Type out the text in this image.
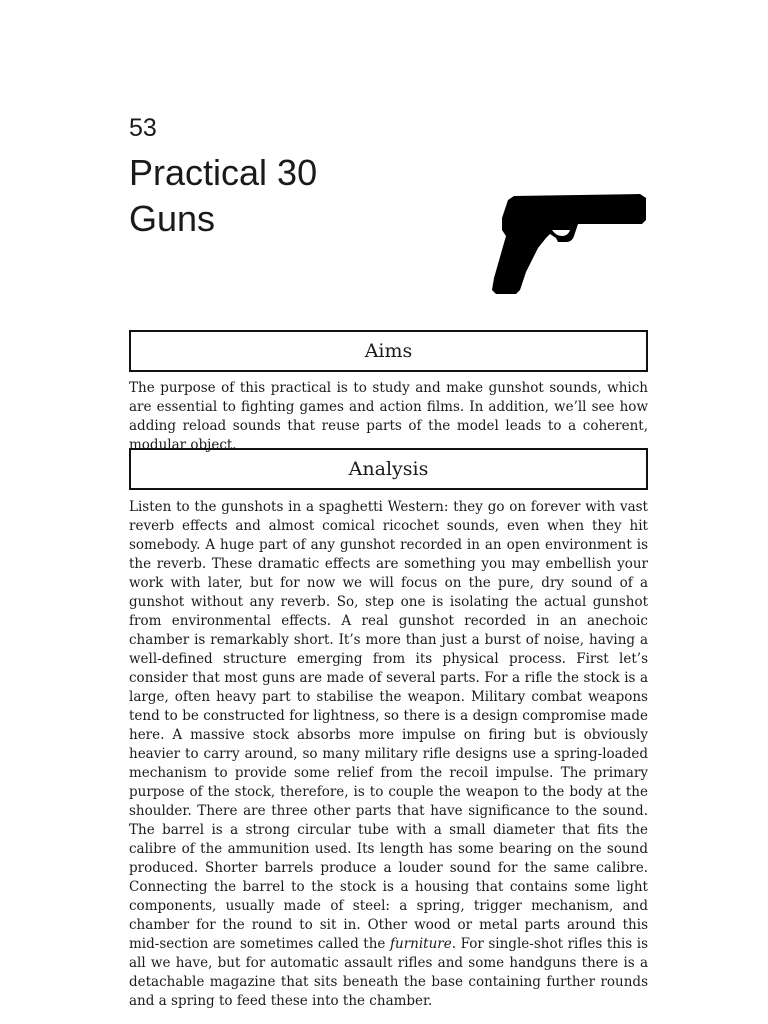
53
Practical 30
Guns
Aims

The purpose of this practical is to study and make gunshot sounds, which are essential to fighting games and action films. In addition, we’ll see how adding reload sounds that reuse parts of the model leads to a coherent, modular object.

Analysis

Listen to the gunshots in a spaghetti Western: they go on forever with vast reverb effects and almost comical ricochet sounds, even when they hit somebody. A huge part of any gunshot recorded in an open environment is the reverb. These dramatic effects are something you may embellish your work with later, but for now we will focus on the pure, dry sound of a gunshot without any reverb. So, step one is isolating the actual gunshot from environmental effects. A real gunshot recorded in an anechoic chamber is remarkably short. It’s more than just a burst of noise, having a well-defined structure emerging from its physical process. First let’s consider that most guns are made of several parts. For a rifle the stock is a large, often heavy part to stabilise the weapon. Military combat weapons tend to be constructed for lightness, so there is a design compromise made here. A massive stock absorbs more impulse on firing but is obviously heavier to carry around, so many military rifle designs use a spring-loaded mechanism to provide some relief from the recoil impulse. The primary purpose of the stock, therefore, is to couple the weapon to the body at the shoulder. There are three other parts that have significance to the sound. The barrel is a strong circular tube with a small diameter that fits the calibre of the ammunition used. Its length has some bearing on the sound produced. Shorter barrels produce a louder sound for the same calibre. Connecting the barrel to the stock is a housing that contains some light components, usually made of steel: a spring, trigger mechanism, and chamber for the round to sit in. Other wood or metal parts around this mid-section are sometimes called the furniture. For single-shot rifles this is all we have, but for automatic assault rifles and some handguns there is a detachable magazine that sits beneath the base containing further rounds and a spring to feed these into the chamber.
